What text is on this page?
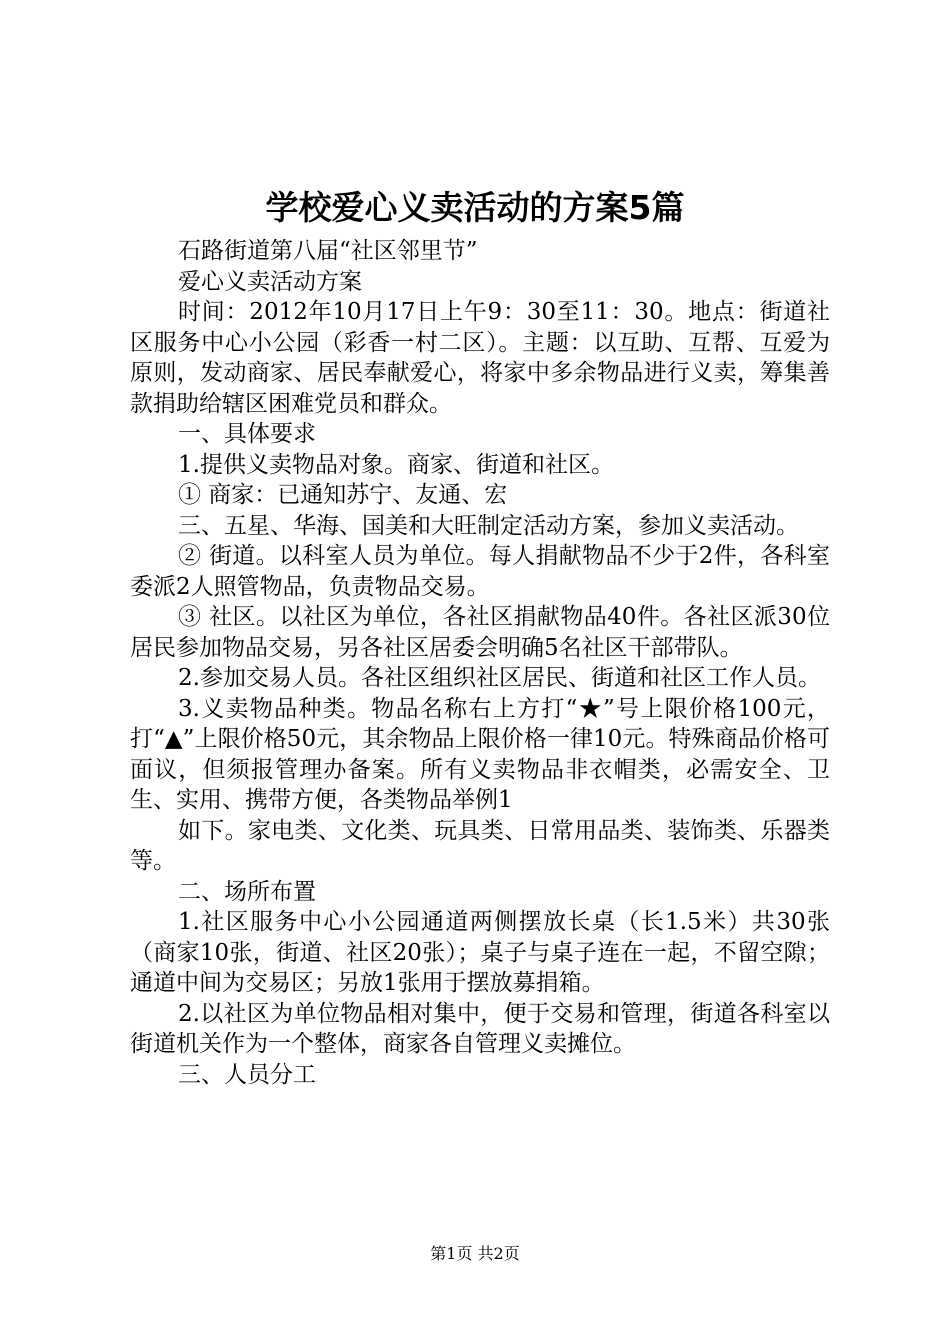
学校爱心义卖活动的方案5篇

石路街道第八届“社区邻里节”

爱心义卖活动方案

时间：2012年10月17日上午9：30至11：30。地点：街道社区服务中心小公园（彩香一村二区）。主题：以互助、互帮、互爱为原则，发动商家、居民奉献爱心，将家中多余物品进行义卖，筹集善款捐助给辖区困难党员和群众。

一、具体要求

1.提供义卖物品对象。商家、街道和社区。

① 商家：已通知苏宁、友通、宏

三、五星、华海、国美和大旺制定活动方案，参加义卖活动。

② 街道。以科室人员为单位。每人捐献物品不少于2件，各科室委派2人照管物品，负责物品交易。

③ 社区。以社区为单位，各社区捐献物品40件。各社区派30位居民参加物品交易，另各社区居委会明确5名社区干部带队。

2.参加交易人员。各社区组织社区居民、街道和社区工作人员。

3.义卖物品种类。物品名称右上方打“★”号上限价格100元，打“▲”上限价格50元，其余物品上限价格一律10元。特殊商品价格可面议，但须报管理办备案。所有义卖物品非衣帽类，必需安全、卫生、实用、携带方便，各类物品举例1

如下。家电类、文化类、玩具类、日常用品类、装饰类、乐器类等。

二、场所布置

1.社区服务中心小公园通道两侧摆放长桌（长1.5米）共30张（商家10张，街道、社区20张）；桌子与桌子连在一起，不留空隙；通道中间为交易区；另放1张用于摆放募捐箱。

2.以社区为单位物品相对集中，便于交易和管理，街道各科室以街道机关作为一个整体，商家各自管理义卖摊位。

三、人员分工

第1页 共2页
